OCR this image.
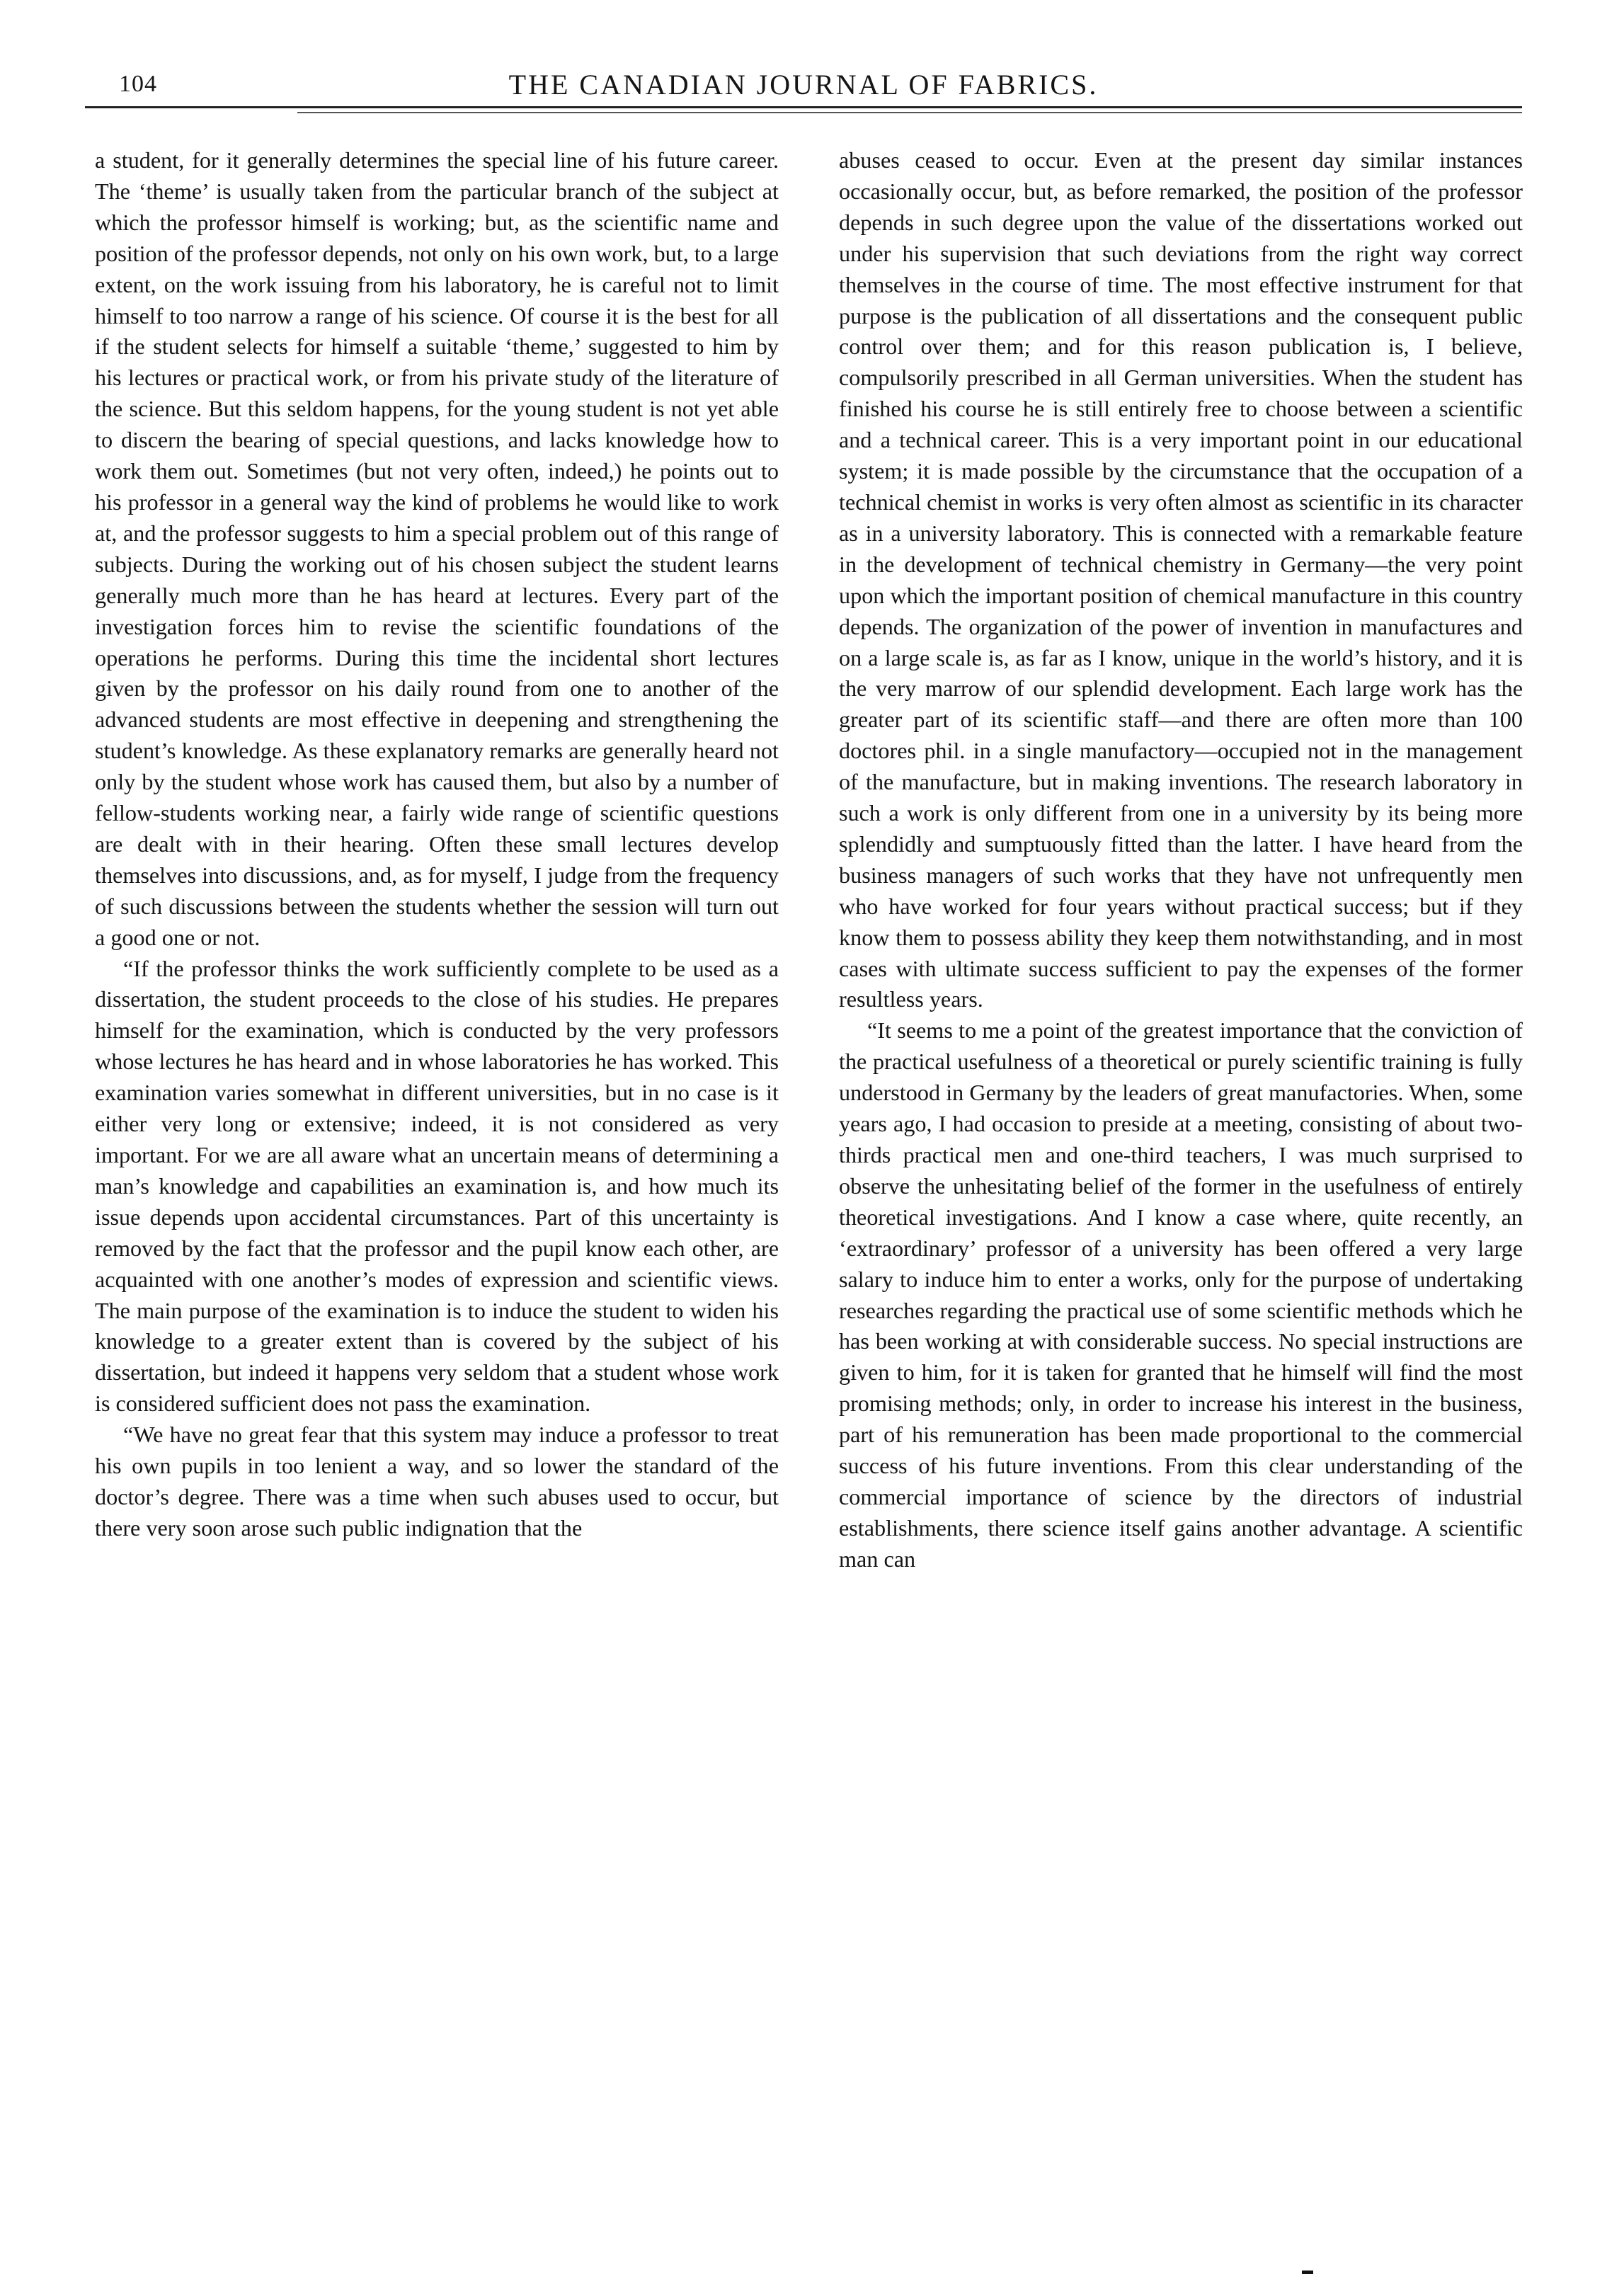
104	THE CANADIAN JOURNAL OF FABRICS.

a student, for it generally determines the special line of his future career. The ‘theme’ is usually taken from the particular branch of the subject at which the professor himself is working; but, as the scientific name and position of the professor depends, not only on his own work, but, to a large extent, on the work issuing from his laboratory, he is careful not to limit himself to too narrow a range of his science. Of course it is the best for all if the student selects for himself a suitable ‘theme,’ suggested to him by his lectures or practical work, or from his private study of the literature of the science. But this seldom happens, for the young student is not yet able to discern the bearing of special questions, and lacks knowledge how to work them out. Sometimes (but not very often, indeed,) he points out to his professor in a general way the kind of problems he would like to work at, and the professor suggests to him a special problem out of this range of subjects. During the working out of his chosen subject the student learns generally much more than he has heard at lectures. Every part of the investigation forces him to revise the scientific foundations of the operations he performs. During this time the incidental short lectures given by the professor on his daily round from one to another of the advanced students are most effective in deepening and strengthening the student’s knowledge. As these explanatory remarks are generally heard not only by the student whose work has caused them, but also by a number of fellow-students working near, a fairly wide range of scientific questions are dealt with in their hearing. Often these small lectures develop themselves into discussions, and, as for myself, I judge from the frequency of such discussions between the students whether the session will turn out a good one or not.

“If the professor thinks the work sufficiently complete to be used as a dissertation, the student proceeds to the close of his studies. He prepares himself for the examination, which is conducted by the very professors whose lectures he has heard and in whose laboratories he has worked. This examination varies somewhat in different universities, but in no case is it either very long or extensive; indeed, it is not considered as very important. For we are all aware what an uncertain means of determining a man’s knowledge and capabilities an examination is, and how much its issue depends upon accidental circumstances. Part of this uncertainty is removed by the fact that the professor and the pupil know each other, are acquainted with one another’s modes of expression and scientific views. The main purpose of the examination is to induce the student to widen his knowledge to a greater extent than is covered by the subject of his dissertation, but indeed it happens very seldom that a student whose work is considered sufficient does not pass the examination.

“We have no great fear that this system may induce a professor to treat his own pupils in too lenient a way, and so lower the standard of the doctor’s degree. There was a time when such abuses used to occur, but there very soon arose such public indignation that the

abuses ceased to occur. Even at the present day similar instances occasionally occur, but, as before remarked, the position of the professor depends in such degree upon the value of the dissertations worked out under his supervision that such deviations from the right way correct themselves in the course of time. The most effective instrument for that purpose is the publication of all dissertations and the consequent public control over them; and for this reason publication is, I believe, compulsorily prescribed in all German universities. When the student has finished his course he is still entirely free to choose between a scientific and a technical career. This is a very important point in our educational system; it is made possible by the circumstance that the occupation of a technical chemist in works is very often almost as scientific in its character as in a university laboratory. This is connected with a remarkable feature in the development of technical chemistry in Germany—the very point upon which the important position of chemical manufacture in this country depends. The organization of the power of invention in manufactures and on a large scale is, as far as I know, unique in the world’s history, and it is the very marrow of our splendid development. Each large work has the greater part of its scientific staff—and there are often more than 100 doctores phil. in a single manufactory—occupied not in the management of the manufacture, but in making inventions. The research laboratory in such a work is only different from one in a university by its being more splendidly and sumptuously fitted than the latter. I have heard from the business managers of such works that they have not unfrequently men who have worked for four years without practical success; but if they know them to possess ability they keep them notwithstanding, and in most cases with ultimate success sufficient to pay the expenses of the former resultless years.

“It seems to me a point of the greatest importance that the conviction of the practical usefulness of a theoretical or purely scientific training is fully understood in Germany by the leaders of great manufactories. When, some years ago, I had occasion to preside at a meeting, consisting of about two-thirds practical men and one-third teachers, I was much surprised to observe the unhesitating belief of the former in the usefulness of entirely theoretical investigations. And I know a case where, quite recently, an ‘extraordinary’ professor of a university has been offered a very large salary to induce him to enter a works, only for the purpose of undertaking researches regarding the practical use of some scientific methods which he has been working at with considerable success. No special instructions are given to him, for it is taken for granted that he himself will find the most promising methods; only, in order to increase his interest in the business, part of his remuneration has been made proportional to the commercial success of his future inventions. From this clear understanding of the commercial importance of science by the directors of industrial establishments, there science itself gains another advantage. A scientific man can
